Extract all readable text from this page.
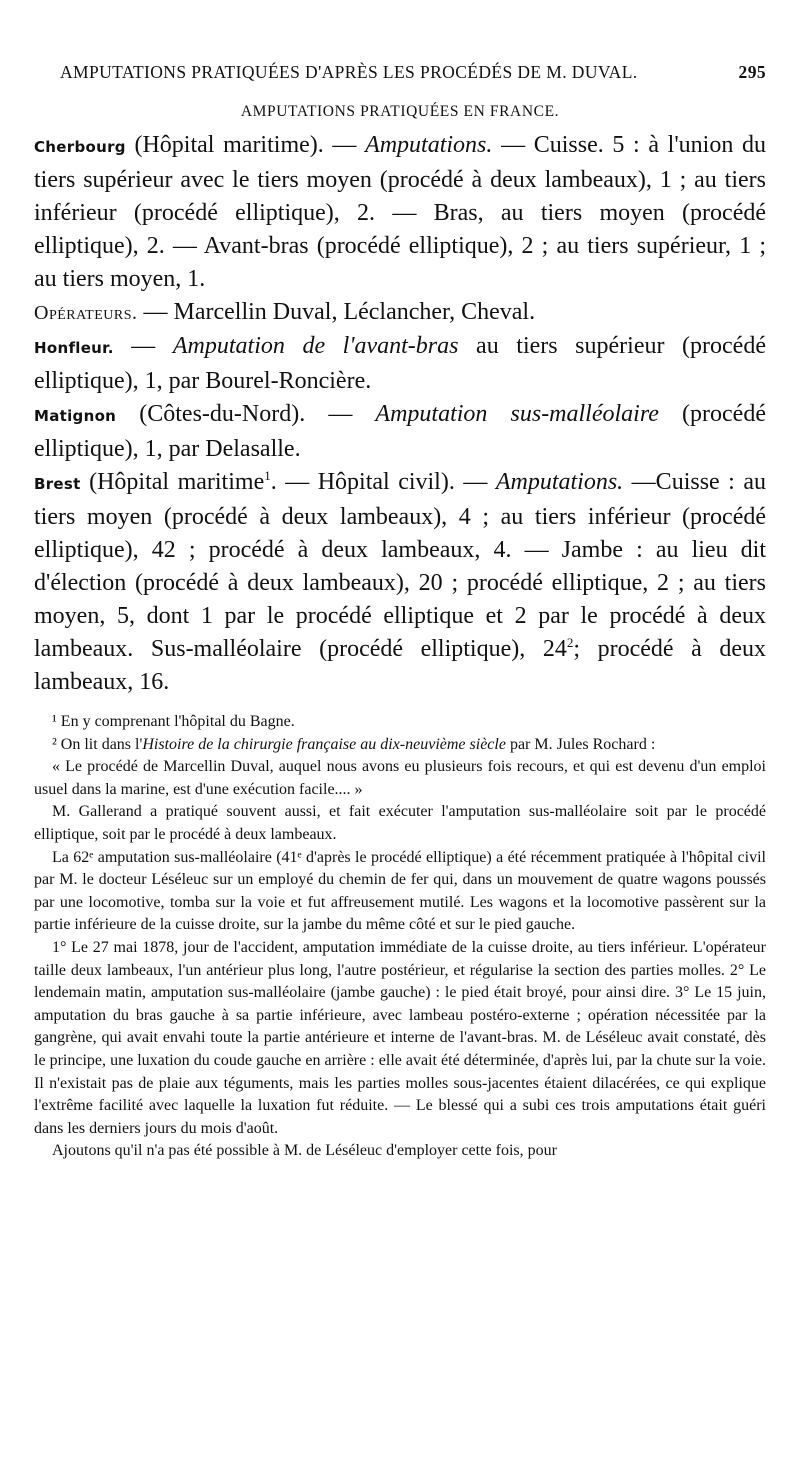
AMPUTATIONS PRATIQUÉES D'APRÈS LES PROCÉDÉS DE M. DUVAL.	295
AMPUTATIONS PRATIQUÉES EN FRANCE.

Cherbourg (Hôpital maritime). — Amputations. — Cuisse. 5 : à l'union du tiers supérieur avec le tiers moyen (procédé à deux lambeaux), 1 ; au tiers inférieur (procédé elliptique), 2. — Bras, au tiers moyen (procédé elliptique), 2. — Avant-bras (procédé elliptique), 2 ; au tiers supérieur, 1 ; au tiers moyen, 1.

Opérateurs. — Marcellin Duval, Léclancher, Cheval.

Honfleur. — Amputation de l'avant-bras au tiers supérieur (procédé elliptique), 1, par Bourel-Roncière.

Matignon (Côtes-du-Nord). — Amputation sus-malléolaire (procédé elliptique), 1, par Delasalle.

Brest (Hôpital maritime$^1$. — Hôpital civil). — Amputations. —Cuisse : au tiers moyen (procédé à deux lambeaux), 4 ; au tiers inférieur (procédé elliptique), 42 ; procédé à deux lambeaux, 4. — Jambe : au lieu dit d'élection (procédé à deux lambeaux), 20 ; procédé elliptique, 2 ; au tiers moyen, 5, dont 1 par le procédé elliptique et 2 par le procédé à deux lambeaux. Sus-malléolaire (procédé elliptique), $24^2$; procédé à deux lambeaux, 16.

¹ En y comprenant l'hôpital du Bagne.

² On lit dans l'Histoire de la chirurgie française au dix-neuvième siècle par M. Jules Rochard :

« Le procédé de Marcellin Duval, auquel nous avons eu plusieurs fois recours, et qui est devenu d'un emploi usuel dans la marine, est d'une exécution facile.... »

M. Gallerand a pratiqué souvent aussi, et fait exécuter l'amputation sus-malléolaire soit par le procédé elliptique, soit par le procédé à deux lambeaux.

La 62ᵉ amputation sus-malléolaire (41ᵉ d'après le procédé elliptique) a été récemment pratiquée à l'hôpital civil par M. le docteur Léséleuc sur un employé du chemin de fer qui, dans un mouvement de quatre wagons poussés par une locomotive, tomba sur la voie et fut affreusement mutilé. Les wagons et la locomotive passèrent sur la partie inférieure de la cuisse droite, sur la jambe du même côté et sur le pied gauche.

1° Le 27 mai 1878, jour de l'accident, amputation immédiate de la cuisse droite, au tiers inférieur. L'opérateur taille deux lambeaux, l'un antérieur plus long, l'autre postérieur, et régularise la section des parties molles. 2° Le lendemain matin, amputation sus-malléolaire (jambe gauche) : le pied était broyé, pour ainsi dire. 3° Le 15 juin, amputation du bras gauche à sa partie inférieure, avec lambeau postéro-externe ; opération nécessitée par la gangrène, qui avait envahi toute la partie antérieure et interne de l'avant-bras. M. de Léséleuc avait constaté, dès le principe, une luxation du coude gauche en arrière : elle avait été déterminée, d'après lui, par la chute sur la voie. Il n'existait pas de plaie aux téguments, mais les parties molles sous-jacentes étaient dilacérées, ce qui explique l'extrême facilité avec laquelle la luxation fut réduite. — Le blessé qui a subi ces trois amputations était guéri dans les derniers jours du mois d'août.

Ajoutons qu'il n'a pas été possible à M. de Léséleuc d'employer cette fois, pour
